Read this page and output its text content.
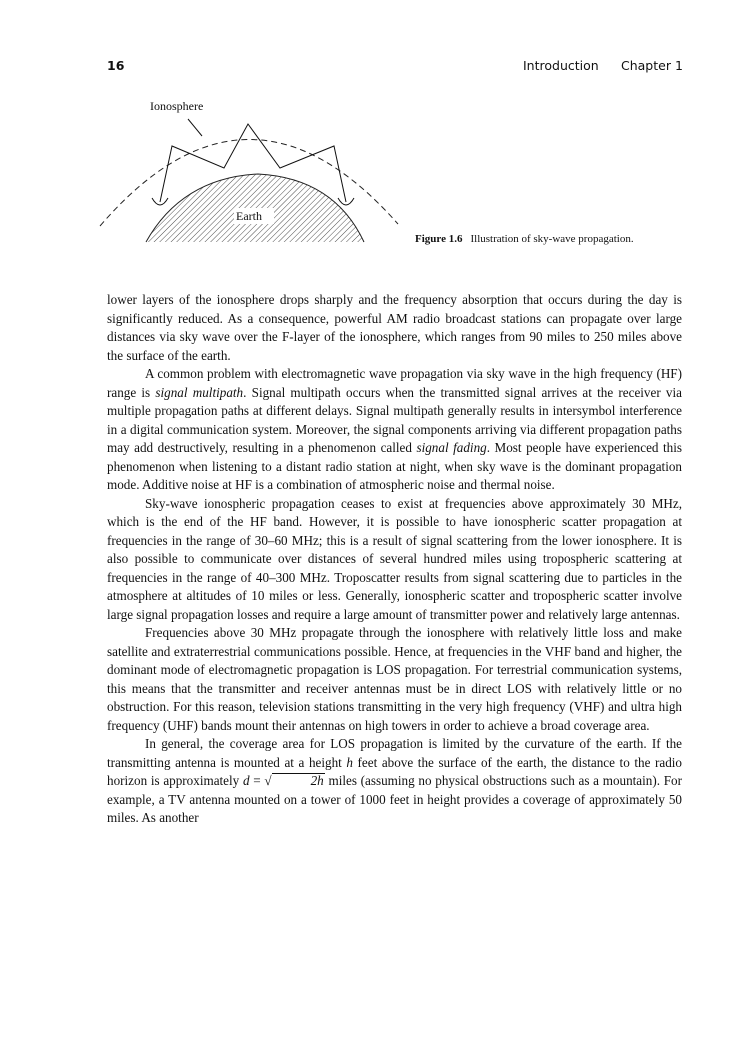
16	Introduction Chapter 1
Ionosphere
Earth
Figure 1.6 Illustration of sky-wave propagation.

lower layers of the ionosphere drops sharply and the frequency absorption that occurs during the day is significantly reduced. As a consequence, powerful AM radio broadcast stations can propagate over large distances via sky wave over the F-layer of the ionosphere, which ranges from 90 miles to 250 miles above the surface of the earth.

A common problem with electromagnetic wave propagation via sky wave in the high frequency (HF) range is signal multipath. Signal multipath occurs when the transmitted signal arrives at the receiver via multiple propagation paths at different delays. Signal multipath generally results in intersymbol interference in a digital communication system. Moreover, the signal components arriving via different propagation paths may add destructively, resulting in a phenomenon called signal fading. Most people have experienced this phenomenon when listening to a distant radio station at night, when sky wave is the dominant propagation mode. Additive noise at HF is a combination of atmospheric noise and thermal noise.

Sky-wave ionospheric propagation ceases to exist at frequencies above approximately 30 MHz, which is the end of the HF band. However, it is possible to have ionospheric scatter propagation at frequencies in the range of 30–60 MHz; this is a result of signal scattering from the lower ionosphere. It is also possible to communicate over distances of several hundred miles using tropospheric scattering at frequencies in the range of 40–300 MHz. Troposcatter results from signal scattering due to particles in the atmosphere at altitudes of 10 miles or less. Generally, ionospheric scatter and tropospheric scatter involve large signal propagation losses and require a large amount of transmitter power and relatively large antennas.

Frequencies above 30 MHz propagate through the ionosphere with relatively little loss and make satellite and extraterrestrial communications possible. Hence, at frequencies in the VHF band and higher, the dominant mode of electromagnetic propagation is LOS propagation. For terrestrial communication systems, this means that the transmitter and receiver antennas must be in direct LOS with relatively little or no obstruction. For this reason, television stations transmitting in the very high frequency (VHF) and ultra high frequency (UHF) bands mount their antennas on high towers in order to achieve a broad coverage area.

In general, the coverage area for LOS propagation is limited by the curvature of the earth. If the transmitting antenna is mounted at a height h feet above the surface of the earth, the distance to the radio horizon is approximately d = √	2h miles (assuming no physical obstructions such as a mountain). For example, a TV antenna mounted on a tower of 1000 feet in height provides a coverage of approximately 50 miles. As another
